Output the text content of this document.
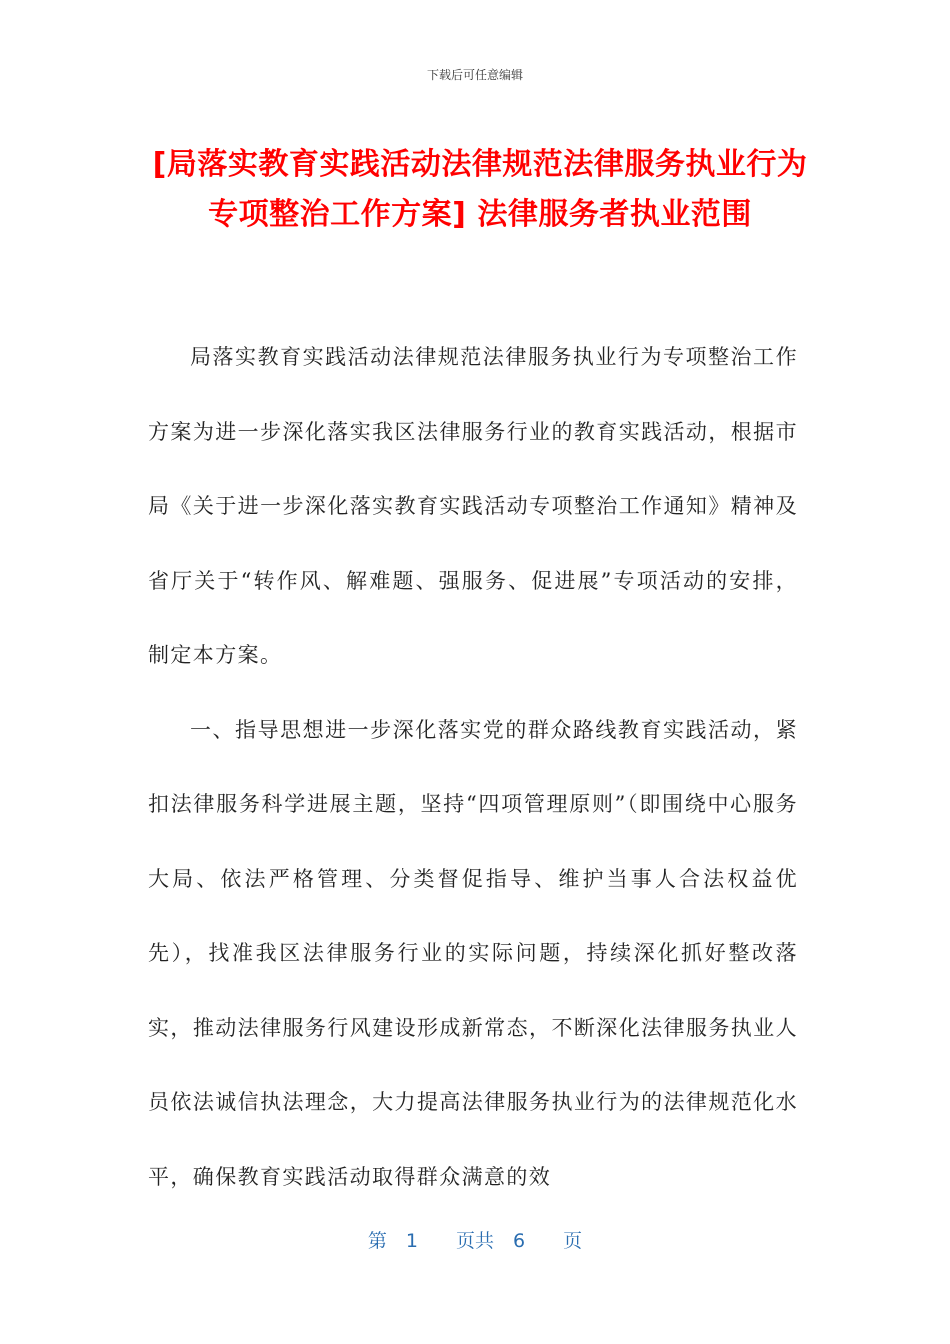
下载后可任意编辑
[局落实教育实践活动法律规范法律服务执业行为专项整治工作方案] 法律服务者执业范围

局落实教育实践活动法律规范法律服务执业行为专项整治工作方案为进一步深化落实我区法律服务行业的教育实践活动，根据市局《关于进一步深化落实教育实践活动专项整治工作通知》精神及省厅关于“转作风、解难题、强服务、促进展”专项活动的安排，制定本方案。

一、指导思想进一步深化落实党的群众路线教育实践活动，紧扣法律服务科学进展主题，坚持“四项管理原则”（即围绕中心服务大局、依法严格管理、分类督促指导、维护当事人合法权益优先），找准我区法律服务行业的实际问题，持续深化抓好整改落实，推动法律服务行风建设形成新常态，不断深化法律服务执业人员依法诚信执法理念，大力提高法律服务执业行为的法律规范化水平，确保教育实践活动取得群众满意的效

第　1　　页共　6　　页
